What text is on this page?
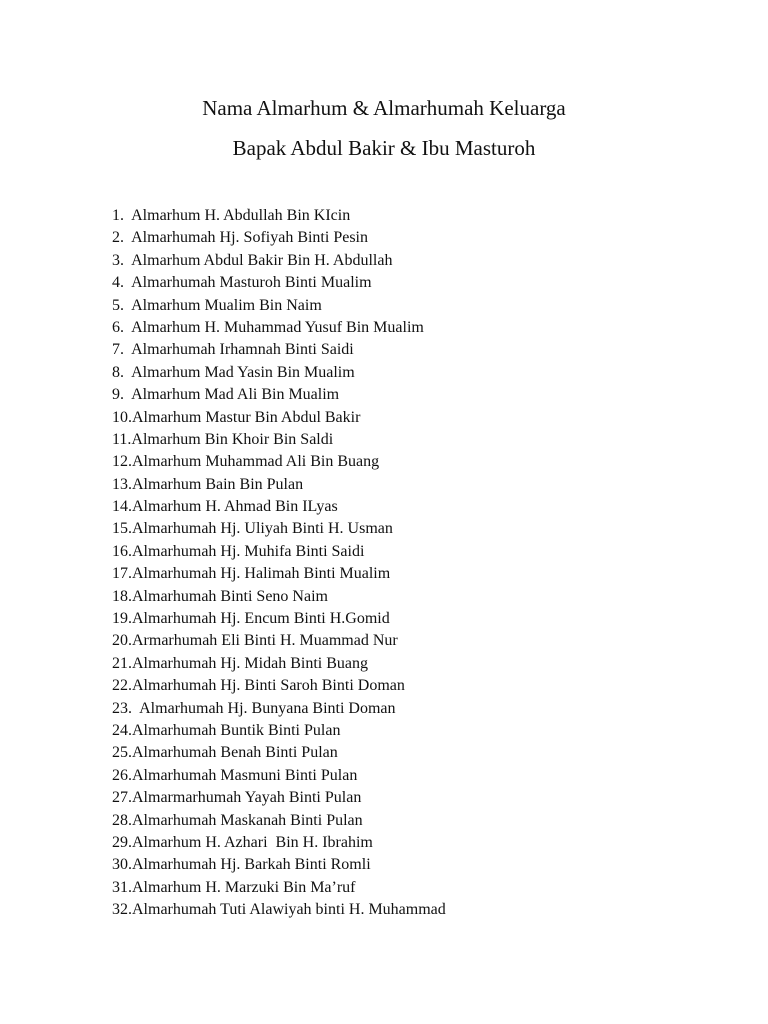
Nama Almarhum & Almarhumah Keluarga
Bapak Abdul Bakir & Ibu Masturoh
1.  Almarhum H. Abdullah Bin KIcin
2.  Almarhumah Hj. Sofiyah Binti Pesin
3.  Almarhum Abdul Bakir Bin H. Abdullah
4.  Almarhumah Masturoh Binti Mualim
5.  Almarhum Mualim Bin Naim
6.  Almarhum H. Muhammad Yusuf Bin Mualim
7.  Almarhumah Irhamnah Binti Saidi
8.  Almarhum Mad Yasin Bin Mualim
9.  Almarhum Mad Ali Bin Mualim
10.Almarhum Mastur Bin Abdul Bakir
11.Almarhum Bin Khoir Bin Saldi
12.Almarhum Muhammad Ali Bin Buang
13.Almarhum Bain Bin Pulan
14.Almarhum H. Ahmad Bin ILyas
15.Almarhumah Hj. Uliyah Binti H. Usman
16.Almarhumah Hj. Muhifa Binti Saidi
17.Almarhumah Hj. Halimah Binti Mualim
18.Almarhumah Binti Seno Naim
19.Almarhumah Hj. Encum Binti H.Gomid
20.Armarhumah Eli Binti H. Muammad Nur
21.Almarhumah Hj. Midah Binti Buang
22.Almarhumah Hj. Binti Saroh Binti Doman
23.  Almarhumah Hj. Bunyana Binti Doman
24.Almarhumah Buntik Binti Pulan
25.Almarhumah Benah Binti Pulan
26.Almarhumah Masmuni Binti Pulan
27.Almarmarhumah Yayah Binti Pulan
28.Almarhumah Maskanah Binti Pulan
29.Almarhum H. Azhari  Bin H. Ibrahim
30.Almarhumah Hj. Barkah Binti Romli
31.Almarhum H. Marzuki Bin Ma’ruf
32.Almarhumah Tuti Alawiyah binti H. Muhammad
